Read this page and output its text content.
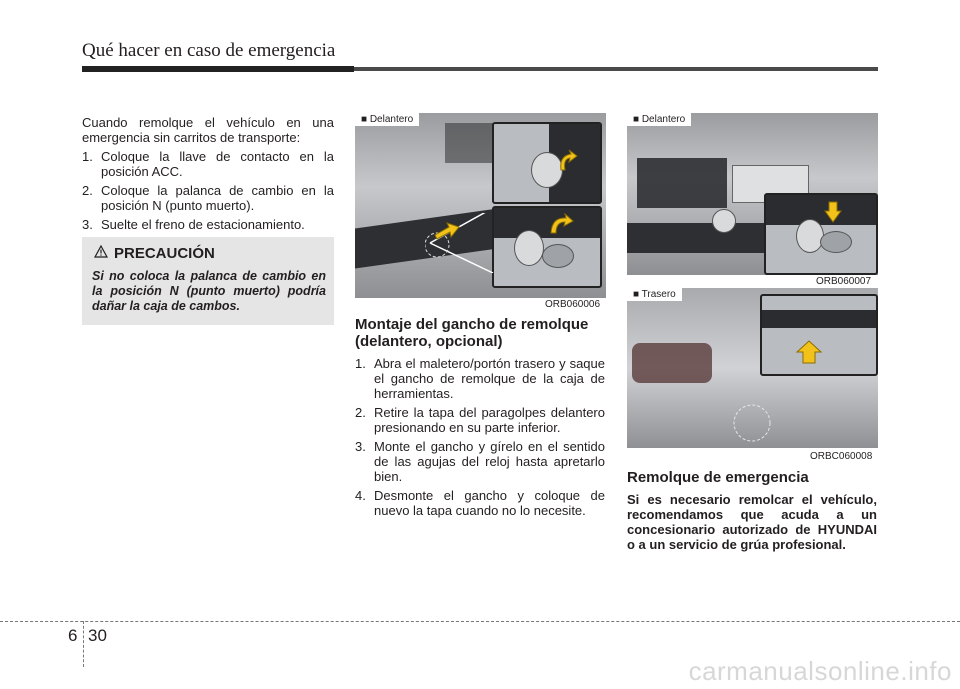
Qué hacer en caso de emergencia

Cuando remolque el vehículo en una emergencia sin carritos de transporte:

1. Coloque la llave de contacto en la posición ACC.
2. Coloque la palanca de cambio en la posición N (punto muerto).
3. Suelte el freno de estacionamiento.
PRECAUCIÓN
Si no coloca la palanca de cambio en la posición N (punto muerto) podría dañar la caja de cambos.
■ Delantero
ORB060006
■ Delantero
ORB060007
■ Trasero
ORBC060008

Montaje del gancho de remolque (delantero, opcional)

1. Abra el maletero/portón trasero y saque el gancho de remolque de la caja de herramientas.
2. Retire la tapa del paragolpes delantero presionando en su parte inferior.
3. Monte el gancho y gírelo en el sentido de las agujas del reloj hasta apretarlo bien.
4. Desmonte el gancho y coloque de nuevo la tapa cuando no lo necesite.

Remolque de emergencia

Si es necesario remolcar el vehículo, recomendamos que acuda a un concesionario autorizado de HYUNDAI o a un servicio de grúa profesional.

6 30
carmanualsonline.info
